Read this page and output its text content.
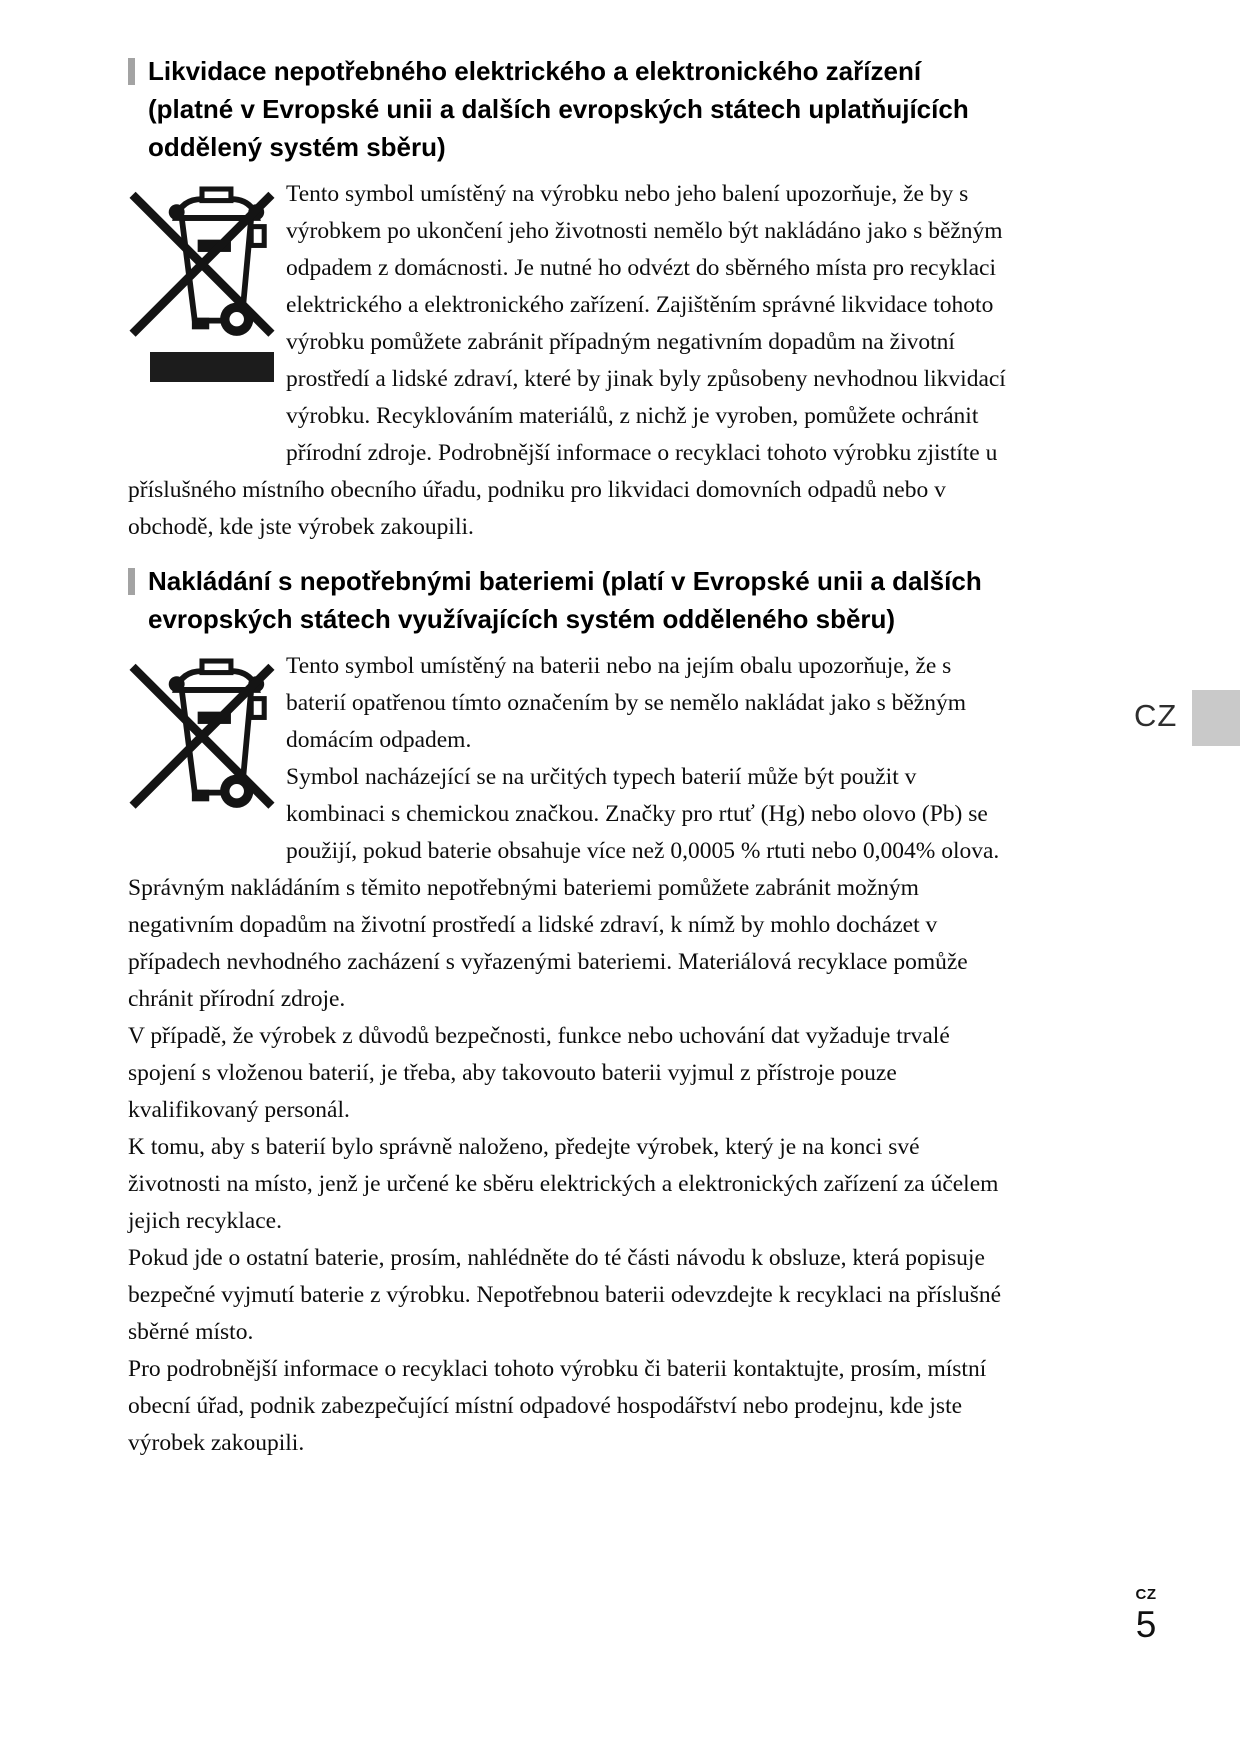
Likvidace nepotřebného elektrického a elektronického zařízení (platné v Evropské unii a dalších evropských státech uplatňujících oddělený systém sběru)

Tento symbol umístěný na výrobku nebo jeho balení upozorňuje, že by s výrobkem po ukončení jeho životnosti nemělo být nakládáno jako s běžným odpadem z domácnosti. Je nutné ho odvézt do sběrného místa pro recyklaci elektrického a elektronického zařízení. Zajištěním správné likvidace tohoto výrobku pomůžete zabránit případným negativním dopadům na životní prostředí a lidské zdraví, které by jinak byly způsobeny nevhodnou likvidací výrobku. Recyklováním materiálů, z nichž je vyroben, pomůžete ochránit přírodní zdroje. Podrobnější informace o recyklaci tohoto výrobku zjistíte u příslušného místního obecního úřadu, podniku pro likvidaci domovních odpadů nebo v obchodě, kde jste výrobek zakoupili.

Nakládání s nepotřebnými bateriemi (platí v Evropské unii a dalších evropských státech využívajících systém odděleného sběru)

Tento symbol umístěný na baterii nebo na jejím obalu upozorňuje, že s baterií opatřenou tímto označením by se nemělo nakládat jako s běžným domácím odpadem.

Symbol nacházející se na určitých typech baterií může být použit v kombinaci s chemickou značkou. Značky pro rtuť (Hg) nebo olovo (Pb) se použijí, pokud baterie obsahuje více než 0,0005 % rtuti nebo 0,004% olova.

Správným nakládáním s těmito nepotřebnými bateriemi pomůžete zabránit možným negativním dopadům na životní prostředí a lidské zdraví, k nímž by mohlo docházet v případech nevhodného zacházení s vyřazenými bateriemi. Materiálová recyklace pomůže chránit přírodní zdroje.

V případě, že výrobek z důvodů bezpečnosti, funkce nebo uchování dat vyžaduje trvalé spojení s vloženou baterií, je třeba, aby takovouto baterii vyjmul z přístroje pouze kvalifikovaný personál.

K tomu, aby s baterií bylo správně naloženo, předejte výrobek, který je na konci své životnosti na místo, jenž je určené ke sběru elektrických a elektronických zařízení za účelem jejich recyklace.

Pokud jde o ostatní baterie, prosím, nahlédněte do té části návodu k obsluze, která popisuje bezpečné vyjmutí baterie z výrobku. Nepotřebnou baterii odevzdejte k recyklaci na příslušné sběrné místo.

Pro podrobnější informace o recyklaci tohoto výrobku či baterii kontaktujte, prosím, místní obecní úřad, podnik zabezpečující místní odpadové hospodářství nebo prodejnu, kde jste výrobek zakoupili.

CZ
CZ
5
